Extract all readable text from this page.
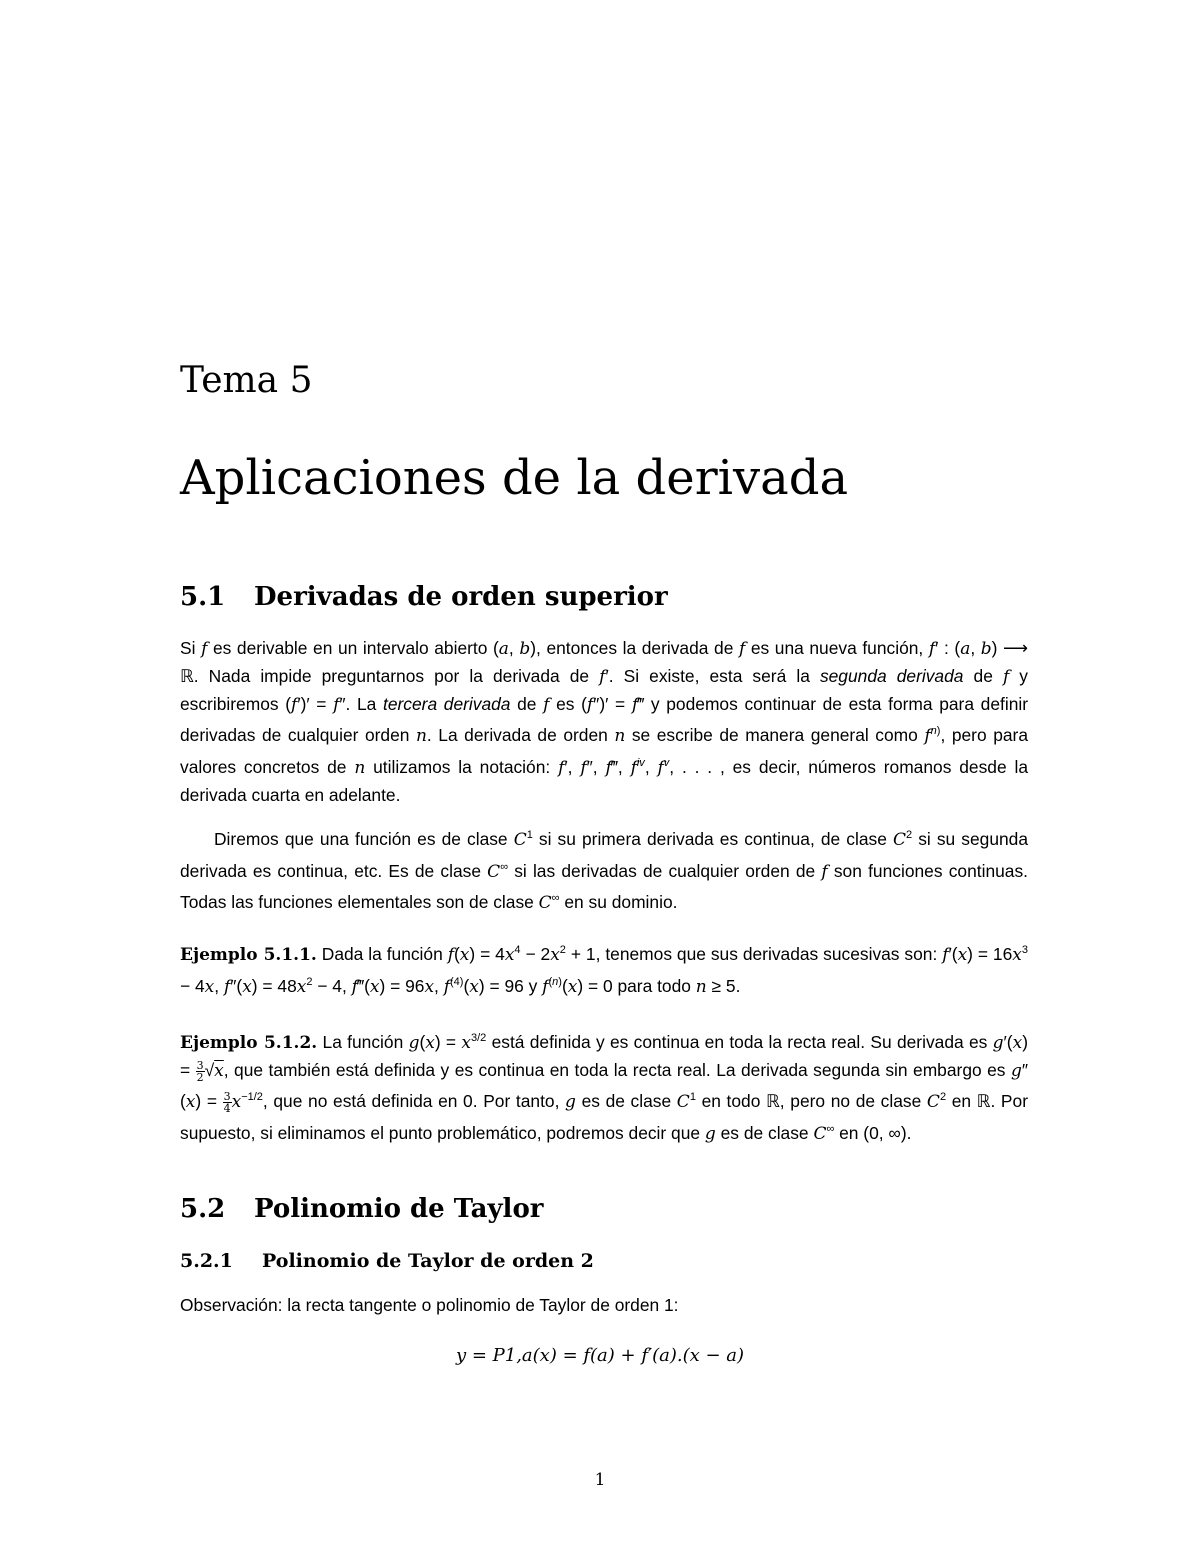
Tema 5
Aplicaciones de la derivada
5.1 Derivadas de orden superior
Si f es derivable en un intervalo abierto (a, b), entonces la derivada de f es una nueva función, f′ : (a, b) ⟶ ℝ. Nada impide preguntarnos por la derivada de f′. Si existe, esta será la segunda derivada de f y escribiremos (f′)′ = f″. La tercera derivada de f es (f″)′ = f‴ y podemos continuar de esta forma para definir derivadas de cualquier orden n. La derivada de orden n se escribe de manera general como $f^{n)}$, pero para valores concretos de n utilizamos la notación: f′, f″, f‴, $f^{iv}$, $f^v$, . . . , es decir, números romanos desde la derivada cuarta en adelante.
Diremos que una función es de clase $C^1$ si su primera derivada es continua, de clase $C^2$ si su segunda derivada es continua, etc. Es de clase C∞ si las derivadas de cualquier orden de f son funciones continuas. Todas las funciones elementales son de clase C∞ en su dominio.
Ejemplo 5.1.1. Dada la función $f(x) = 4x^4 - 2x^2 + 1$, tenemos que sus derivadas sucesivas son: $f'(x) = 16x^3 - 4x$, $f''(x) = 48x^2 - 4$, f‴(x) = 96x, $f^{(4)}(x) = 96$ y $f^{(n)}(x) = 0$ para todo n ≥ 5.
Ejemplo 5.1.2. La función $g(x) = x^{3/2}$ está definida y es continua en toda la recta real. Su derivada es $g'(x) = \frac{3}{2} √x$, que también está definida y es continua en toda la recta real. La derivada segunda sin embargo es $g''(x) = \frac{3}{4} x^{-1/2}$, que no está definida en 0. Por tanto, g es de clase $C^1$ en todo ℝ, pero no de clase $C^2$ en ℝ. Por supuesto, si eliminamos el punto problemático, podremos decir que g es de clase C∞ en (0, ∞).
5.2 Polinomio de Taylor
5.2.1 Polinomio de Taylor de orden 2
Observación: la recta tangente o polinomio de Taylor de orden 1:
y = P1,a(x) = f(a) + f′(a).(x − a)
1
